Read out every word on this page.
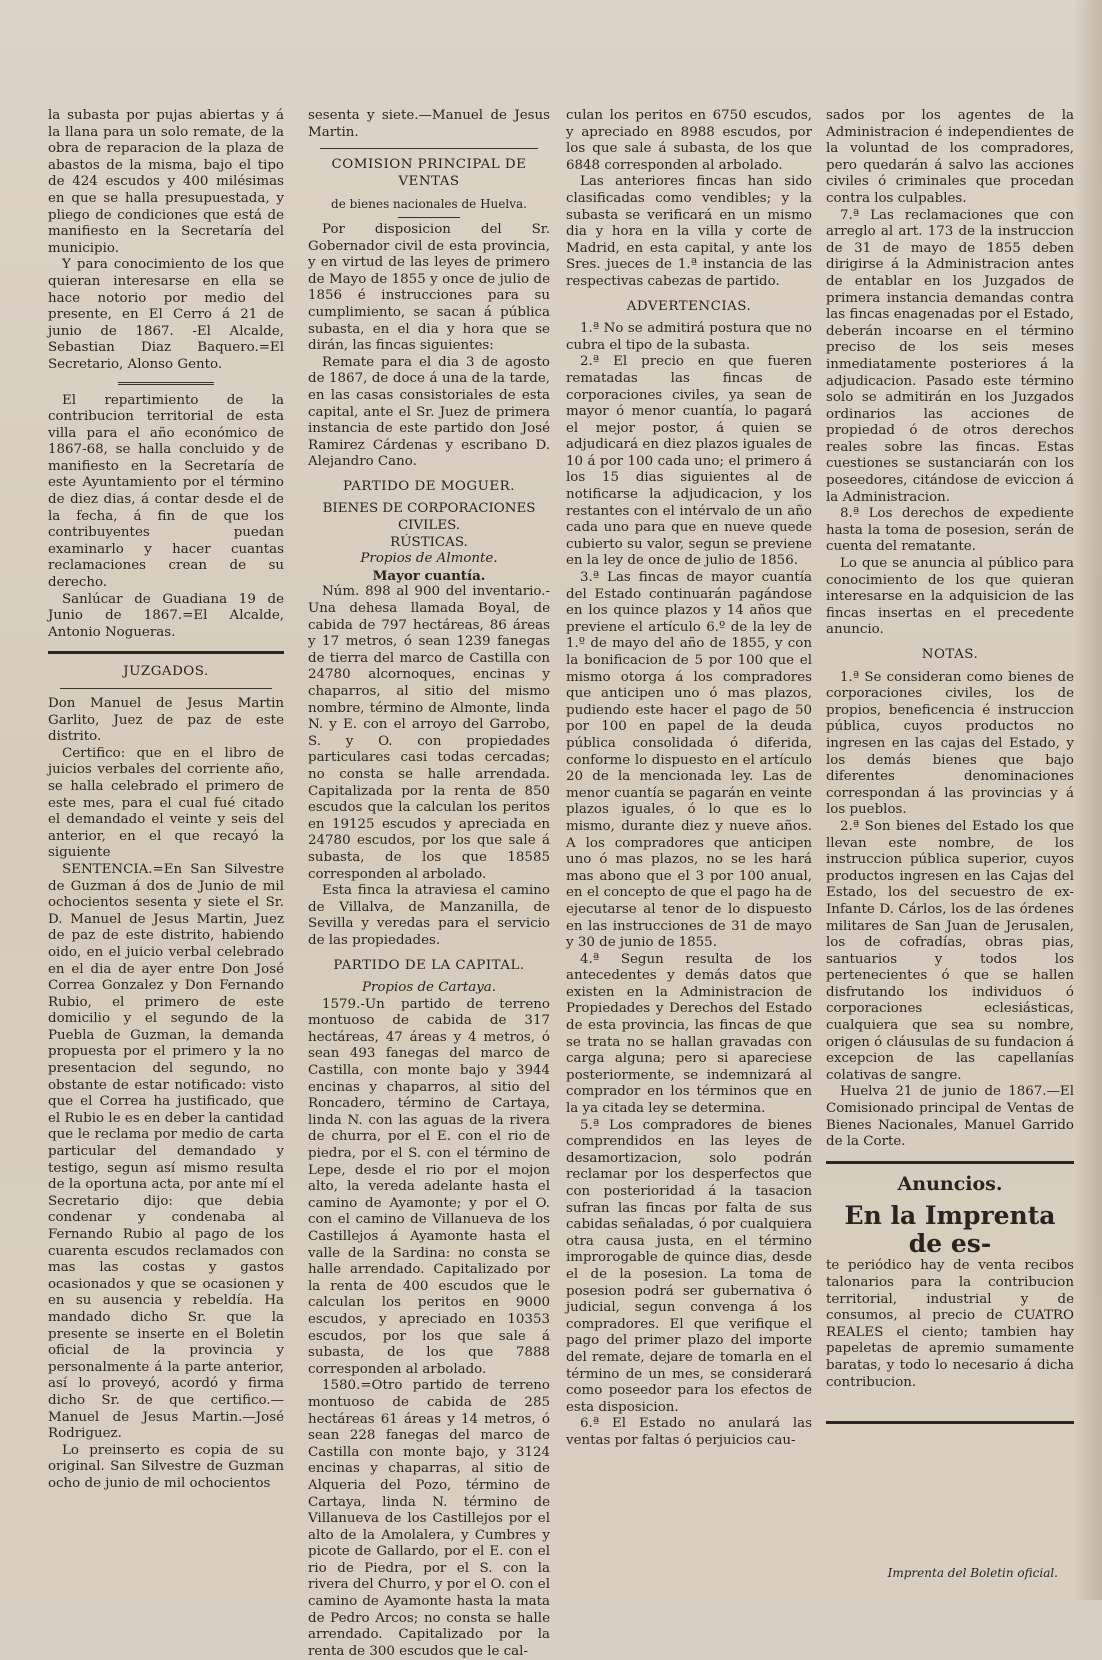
la subasta por pujas abiertas y á la llana para un solo remate, de la obra de reparacion de la plaza de abastos de la misma, bajo el tipo de 424 escudos y 400 milésimas en que se halla presupuestada, y pliego de condiciones que está de manifiesto en la Secretaría del municipio.

Y para conocimiento de los que quieran interesarse en ella se hace notorio por medio del presente, en El Cerro á 21 de junio de 1867. -El Alcalde, Sebastian Diaz Baquero.=El Secretario, Alonso Gento.

El repartimiento de la contribucion territorial de esta villa para el año económico de 1867-68, se halla concluido y de manifiesto en la Secretaría de este Ayuntamiento por el término de diez dias, á contar desde el de la fecha, á fin de que los contribuyentes puedan examinarlo y hacer cuantas reclamaciones crean de su derecho.

Sanlúcar de Guadiana 19 de Junio de 1867.=El Alcalde, Antonio Nogueras.

JUZGADOS.

Don Manuel de Jesus Martin Garlito, Juez de paz de este distrito.

Certifico: que en el libro de juicios verbales del corriente año, se halla celebrado el primero de este mes, para el cual fué citado el demandado el veinte y seis del anterior, en el que recayó la siguiente

SENTENCIA.=En San Silvestre de Guzman á dos de Junio de mil ochocientos sesenta y siete el Sr. D. Manuel de Jesus Martin, Juez de paz de este distrito, habiendo oido, en el juicio verbal celebrado en el dia de ayer entre Don José Correa Gonzalez y Don Fernando Rubio, el primero de este domicilio y el segundo de la Puebla de Guzman, la demanda propuesta por el primero y la no presentacion del segundo, no obstante de estar notificado: visto que el Correa ha justificado, que el Rubio le es en deber la cantidad que le reclama por medio de carta particular del demandado y testigo, segun así mismo resulta de la oportuna acta, por ante mí el Secretario dijo: que debia condenar y condenaba al Fernando Rubio al pago de los cuarenta escudos reclamados con mas las costas y gastos ocasionados y que se ocasionen y en su ausencia y rebeldía. Ha mandado dicho Sr. que la presente se inserte en el Boletin oficial de la provincia y personalmente á la parte anterior, así lo proveyó, acordó y firma dicho Sr. de que certifico.—Manuel de Jesus Martin.—José Rodriguez.

Lo preinserto es copia de su original. San Silvestre de Guzman ocho de junio de mil ochocientos

sesenta y siete.—Manuel de Jesus Martin.

COMISION PRINCIPAL DE VENTAS
de bienes nacionales de Huelva.

Por disposicion del Sr. Gobernador civil de esta provincia, y en virtud de las leyes de primero de Mayo de 1855 y once de julio de 1856 é instrucciones para su cumplimiento, se sacan á pública subasta, en el dia y hora que se dirán, las fincas siguientes:

Remate para el dia 3 de agosto de 1867, de doce á una de la tarde, en las casas consistoriales de esta capital, ante el Sr. Juez de primera instancia de este partido don José Ramirez Cárdenas y escribano D. Alejandro Cano.

PARTIDO DE MOGUER.
BIENES DE CORPORACIONES CIVILES.
RÚSTICAS.
Propios de Almonte.
Mayor cuantía.

Núm. 898 al 900 del inventario.-Una dehesa llamada Boyal, de cabida de 797 hectáreas, 86 áreas y 17 metros, ó sean 1239 fanegas de tierra del marco de Castilla con 24780 alcornoques, encinas y chaparros, al sitio del mismo nombre, término de Almonte, linda N. y E. con el arroyo del Garrobo, S. y O. con propiedades particulares casi todas cercadas; no consta se halle arrendada. Capitalizada por la renta de 850 escudos que la calculan los peritos en 19125 escudos y apreciada en 24780 escudos, por los que sale á subasta, de los que 18585 corresponden al arbolado.

Esta finca la atraviesa el camino de Villalva, de Manzanilla, de Sevilla y veredas para el servicio de las propiedades.

PARTIDO DE LA CAPITAL.
Propios de Cartaya.

1579.-Un partido de terreno montuoso de cabida de 317 hectáreas, 47 áreas y 4 metros, ó sean 493 fanegas del marco de Castilla, con monte bajo y 3944 encinas y chaparros, al sitio del Roncadero, término de Cartaya, linda N. con las aguas de la rivera de churra, por el E. con el rio de piedra, por el S. con el término de Lepe, desde el rio por el mojon alto, la vereda adelante hasta el camino de Ayamonte; y por el O. con el camino de Villanueva de los Castillejos á Ayamonte hasta el valle de la Sardina: no consta se halle arrendado. Capitalizado por la renta de 400 escudos que le calculan los peritos en 9000 escudos, y apreciado en 10353 escudos, por los que sale á subasta, de los que 7888 corresponden al arbolado.

1580.=Otro partido de terreno montuoso de cabida de 285 hectáreas 61 áreas y 14 metros, ó sean 228 fanegas del marco de Castilla con monte bajo, y 3124 encinas y chaparras, al sitio de Alqueria del Pozo, término de Cartaya, linda N. término de Villanueva de los Castillejos por el alto de la Amolalera, y Cumbres y picote de Gallardo, por el E. con el rio de Piedra, por el S. con la rivera del Churro, y por el O. con el camino de Ayamonte hasta la mata de Pedro Arcos; no consta se halle arrendado. Capitalizado por la renta de 300 escudos que le cal-

culan los peritos en 6750 escudos, y apreciado en 8988 escudos, por los que sale á subasta, de los que 6848 corresponden al arbolado.

Las anteriores fincas han sido clasificadas como vendibles; y la subasta se verificará en un mismo dia y hora en la villa y corte de Madrid, en esta capital, y ante los Sres. jueces de 1.ª instancia de las respectivas cabezas de partido.

ADVERTENCIAS.

1.ª No se admitirá postura que no cubra el tipo de la subasta.

2.ª El precio en que fueren rematadas las fincas de corporaciones civiles, ya sean de mayor ó menor cuantía, lo pagará el mejor postor, á quien se adjudicará en diez plazos iguales de 10 á por 100 cada uno; el primero á los 15 dias siguientes al de notificarse la adjudicacion, y los restantes con el intérvalo de un año cada uno para que en nueve quede cubierto su valor, segun se previene en la ley de once de julio de 1856.

3.ª Las fincas de mayor cuantía del Estado continuarán pagándose en los quince plazos y 14 años que previene el artículo 6.º de la ley de 1.º de mayo del año de 1855, y con la bonificacion de 5 por 100 que el mismo otorga á los compradores que anticipen uno ó mas plazos, pudiendo este hacer el pago de 50 por 100 en papel de la deuda pública consolidada ó diferida, conforme lo dispuesto en el artículo 20 de la mencionada ley. Las de menor cuantía se pagarán en veinte plazos iguales, ó lo que es lo mismo, durante diez y nueve años. A los compradores que anticipen uno ó mas plazos, no se les hará mas abono que el 3 por 100 anual, en el concepto de que el pago ha de ejecutarse al tenor de lo dispuesto en las instrucciones de 31 de mayo y 30 de junio de 1855.

4.ª Segun resulta de los antecedentes y demás datos que existen en la Administracion de Propiedades y Derechos del Estado de esta provincia, las fincas de que se trata no se hallan gravadas con carga alguna; pero si apareciese posteriormente, se indemnizará al comprador en los términos que en la ya citada ley se determina.

5.ª Los compradores de bienes comprendidos en las leyes de desamortizacion, solo podrán reclamar por los desperfectos que con posterioridad á la tasacion sufran las fincas por falta de sus cabidas señaladas, ó por cualquiera otra causa justa, en el término improrogable de quince dias, desde el de la posesion. La toma de posesion podrá ser gubernativa ó judicial, segun convenga á los compradores. El que verifique el pago del primer plazo del importe del remate, dejare de tomarla en el término de un mes, se considerará como poseedor para los efectos de esta disposicion.

6.ª El Estado no anulará las ventas por faltas ó perjuicios cau-

sados por los agentes de la Administracion é independientes de la voluntad de los compradores, pero quedarán á salvo las acciones civiles ó criminales que procedan contra los culpables.

7.ª Las reclamaciones que con arreglo al art. 173 de la instruccion de 31 de mayo de 1855 deben dirigirse á la Administracion antes de entablar en los Juzgados de primera instancia demandas contra las fincas enagenadas por el Estado, deberán incoarse en el término preciso de los seis meses inmediatamente posteriores á la adjudicacion. Pasado este término solo se admitirán en los Juzgados ordinarios las acciones de propiedad ó de otros derechos reales sobre las fincas. Estas cuestiones se sustanciarán con los poseedores, citándose de eviccion á la Administracion.

8.ª Los derechos de expediente hasta la toma de posesion, serán de cuenta del rematante.

Lo que se anuncia al público para conocimiento de los que quieran interesarse en la adquisicion de las fincas insertas en el precedente anuncio.

NOTAS.

1.ª Se consideran como bienes de corporaciones civiles, los de propios, beneficencia é instruccion pública, cuyos productos no ingresen en las cajas del Estado, y los demás bienes que bajo diferentes denominaciones correspondan á las provincias y á los pueblos.

2.ª Son bienes del Estado los que llevan este nombre, de los instruccion pública superior, cuyos productos ingresen en las Cajas del Estado, los del secuestro de ex-Infante D. Cárlos, los de las órdenes militares de San Juan de Jerusalen, los de cofradías, obras pias, santuarios y todos los pertenecientes ó que se hallen disfrutando los individuos ó corporaciones eclesiásticas, cualquiera que sea su nombre, origen ó cláusulas de su fundacion á excepcion de las capellanías colativas de sangre.

Huelva 21 de junio de 1867.—El Comisionado principal de Ventas de Bienes Nacionales, Manuel Garrido de la Corte.

Anuncios.
En la Imprenta de es-

te periódico hay de venta recibos talonarios para la contribucion territorial, industrial y de consumos, al precio de CUATRO REALES el ciento; tambien hay papeletas de apremio sumamente baratas, y todo lo necesario á dicha contribucion.

Imprenta del Boletin oficial.
